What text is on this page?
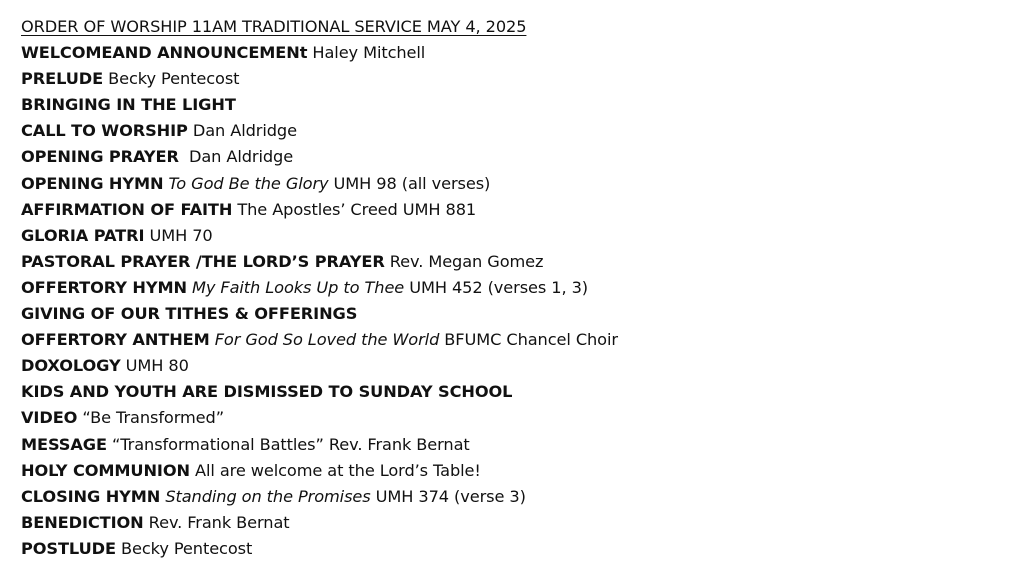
ORDER OF WORSHIP 11AM TRADITIONAL SERVICE MAY 4, 2025
WELCOMEAND ANNOUNCEMENt Haley Mitchell
PRELUDE Becky Pentecost
BRINGING IN THE LIGHT
CALL TO WORSHIP Dan Aldridge
OPENING PRAYER  Dan Aldridge
OPENING HYMN To God Be the Glory UMH 98 (all verses)
AFFIRMATION OF FAITH The Apostles’ Creed UMH 881
GLORIA PATRI UMH 70
PASTORAL PRAYER /THE LORD’S PRAYER Rev. Megan Gomez
OFFERTORY HYMN My Faith Looks Up to Thee UMH 452 (verses 1, 3)
GIVING OF OUR TITHES & OFFERINGS
OFFERTORY ANTHEM For God So Loved the World BFUMC Chancel Choir
DOXOLOGY UMH 80
KIDS AND YOUTH ARE DISMISSED TO SUNDAY SCHOOL
VIDEO “Be Transformed”
MESSAGE “Transformational Battles” Rev. Frank Bernat
HOLY COMMUNION All are welcome at the Lord’s Table!
CLOSING HYMN Standing on the Promises UMH 374 (verse 3)
BENEDICTION Rev. Frank Bernat
POSTLUDE Becky Pentecost
